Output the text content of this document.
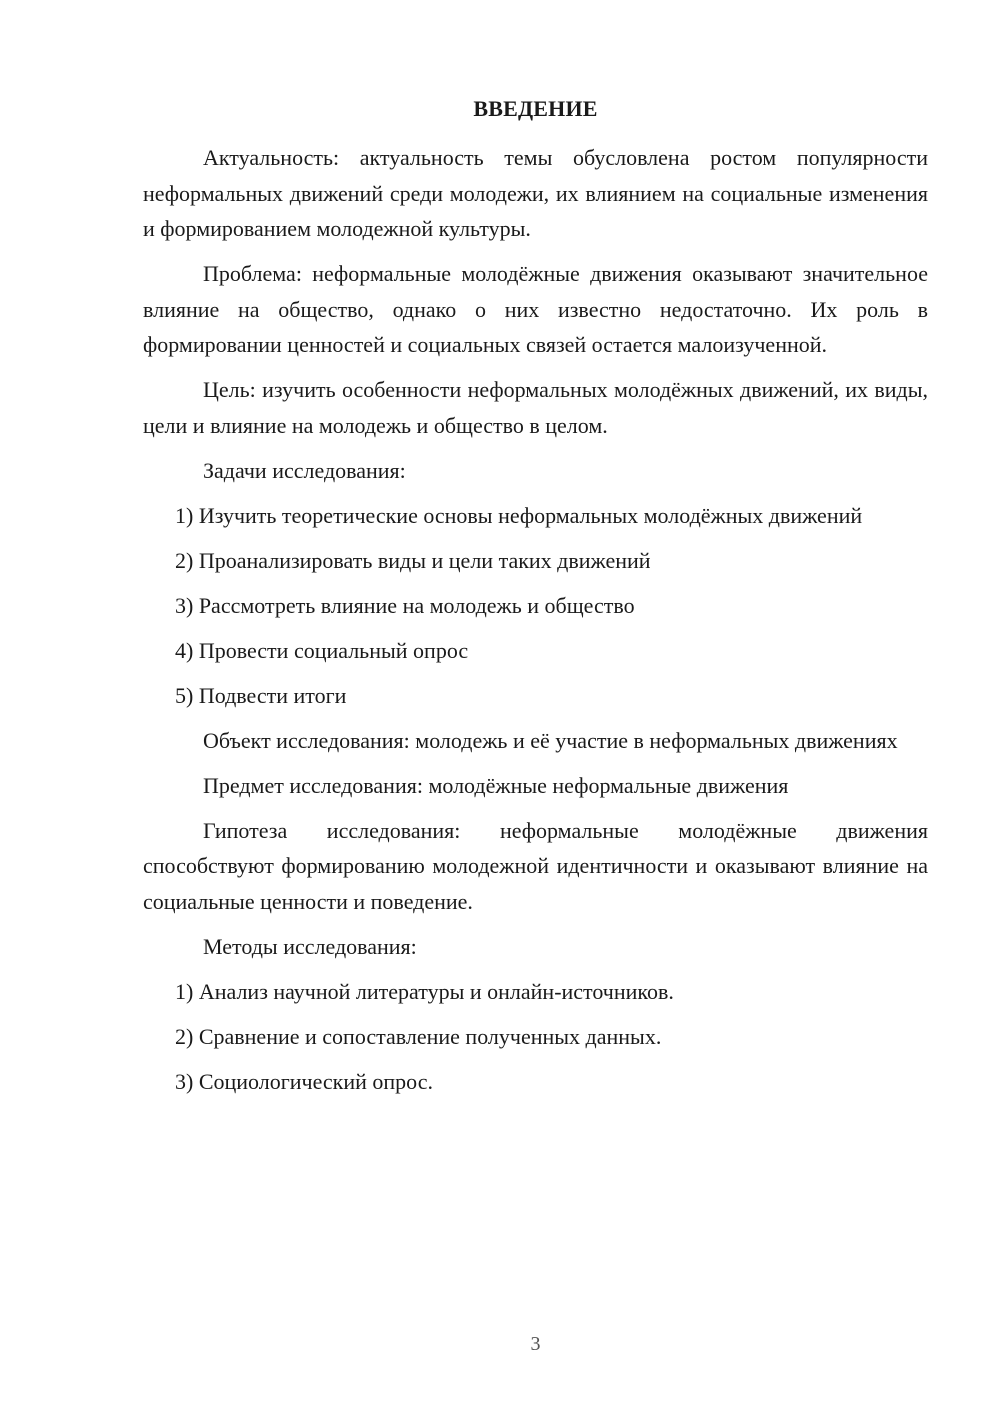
ВВЕДЕНИЕ

Актуальность: актуальность темы обусловлена ростом популярности неформальных движений среди молодежи, их влиянием на социальные изменения и формированием молодежной культуры.

Проблема: неформальные молодёжные движения оказывают значительное влияние на общество, однако о них известно недостаточно. Их роль в формировании ценностей и социальных связей остается малоизученной.

Цель: изучить особенности неформальных молодёжных движений, их виды, цели и влияние на молодежь и общество в целом.

Задачи исследования:

1) Изучить теоретические основы неформальных молодёжных движений

2) Проанализировать виды и цели таких движений

3) Рассмотреть влияние на молодежь и общество

4) Провести социальный опрос

5) Подвести итоги

Объект исследования: молодежь и её участие в неформальных движениях

Предмет исследования: молодёжные неформальные движения

Гипотеза исследования: неформальные молодёжные движения способствуют формированию молодежной идентичности и оказывают влияние на социальные ценности и поведение.

Методы исследования:

1) Анализ научной литературы и онлайн-источников.

2) Сравнение и сопоставление полученных данных.

3) Социологический опрос.

3
